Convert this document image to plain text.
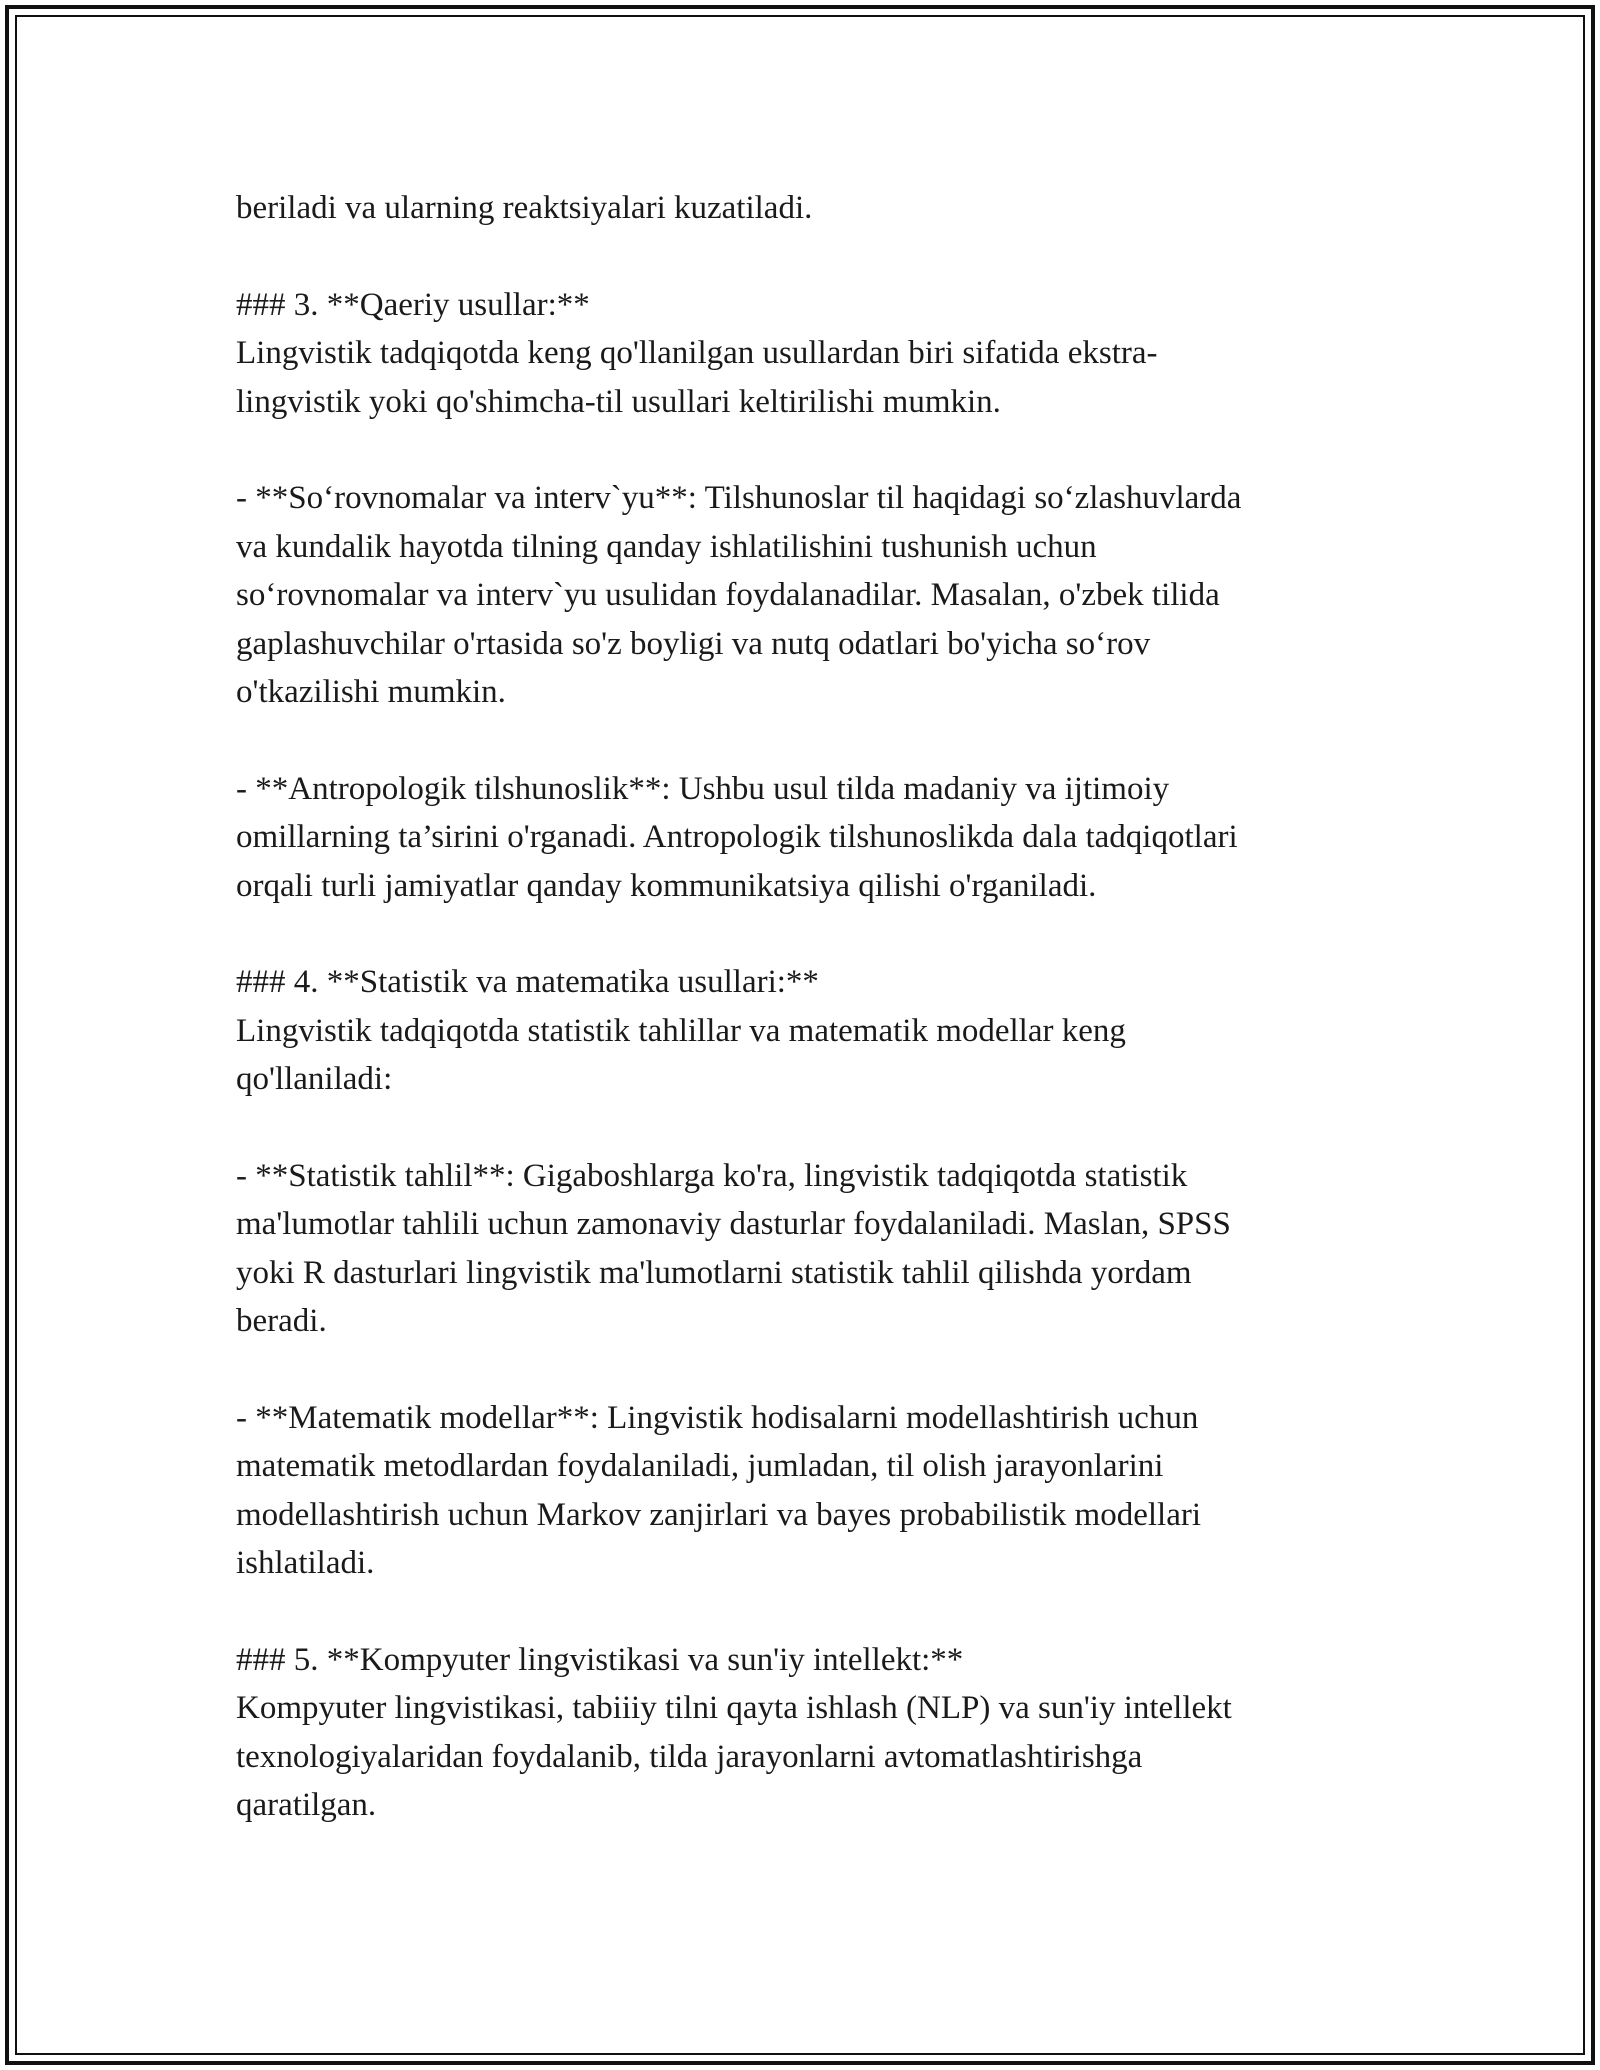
beriladi va ularning reaktsiyalari kuzatiladi.

### 3. **Qaeriy usullar:**

Lingvistik tadqiqotda keng qo'llanilgan usullardan biri sifatida ekstra-

lingvistik yoki qo'shimcha-til usullari keltirilishi mumkin.

- **So‘rovnomalar va interv`yu**: Tilshunoslar til haqidagi so‘zlashuvlarda

va kundalik hayotda tilning qanday ishlatilishini tushunish uchun

so‘rovnomalar va interv`yu usulidan foydalanadilar. Masalan, o'zbek tilida

gaplashuvchilar o'rtasida so'z boyligi va nutq odatlari bo'yicha so‘rov

o'tkazilishi mumkin.

- **Antropologik tilshunoslik**: Ushbu usul tilda madaniy va ijtimoiy

omillarning ta’sirini o'rganadi. Antropologik tilshunoslikda dala tadqiqotlari

orqali turli jamiyatlar qanday kommunikatsiya qilishi o'rganiladi.

### 4. **Statistik va matematika usullari:**

Lingvistik tadqiqotda statistik tahlillar va matematik modellar keng

qo'llaniladi:

- **Statistik tahlil**: Gigaboshlarga ko'ra, lingvistik tadqiqotda statistik

ma'lumotlar tahlili uchun zamonaviy dasturlar foydalaniladi. Maslan, SPSS

yoki R dasturlari lingvistik ma'lumotlarni statistik tahlil qilishda yordam

beradi.

- **Matematik modellar**: Lingvistik hodisalarni modellashtirish uchun

matematik metodlardan foydalaniladi, jumladan, til olish jarayonlarini

modellashtirish uchun Markov zanjirlari va bayes probabilistik modellari

ishlatiladi.

### 5. **Kompyuter lingvistikasi va sun'iy intellekt:**

Kompyuter lingvistikasi, tabiiiy tilni qayta ishlash (NLP) va sun'iy intellekt

texnologiyalaridan foydalanib, tilda jarayonlarni avtomatlashtirishga

qaratilgan.
